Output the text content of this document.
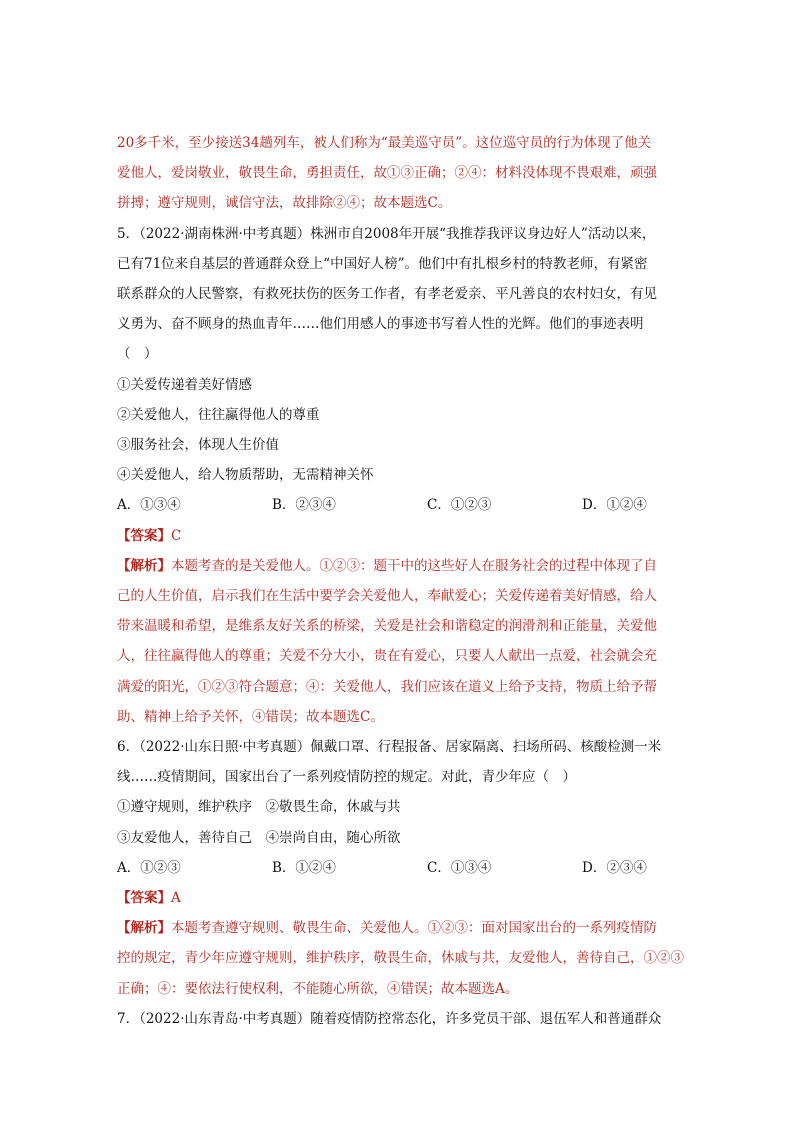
20多千米，至少接送34趟列车，被人们称为“最美巡守员”。这位巡守员的行为体现了他关
爱他人，爱岗敬业，敬畏生命，勇担责任，故①③正确；②④：材料没体现不畏艰难，顽强
拼搏；遵守规则，诚信守法，故排除②④；故本题选C。
5．（2022·湖南株洲·中考真题）株洲市自2008年开展“我推荐我评议身边好人”活动以来，
已有71位来自基层的普通群众登上“中国好人榜”。他们中有扎根乡村的特教老师，有紧密
联系群众的人民警察，有救死扶伤的医务工作者，有孝老爱亲、平凡善良的农村妇女，有见
义勇为、奋不顾身的热血青年……他们用感人的事迹书写着人性的光辉。他们的事迹表明
（　）
①关爱传递着美好情感
②关爱他人，往往赢得他人的尊重
③服务社会，体现人生价值
④关爱他人，给人物质帮助，无需精神关怀
A．①③④	B．②③④	C．①②③	D．①②④
【答案】C
【解析】本题考查的是关爱他人。①②③：题干中的这些好人在服务社会的过程中体现了自
己的人生价值，启示我们在生活中要学会关爱他人，奉献爱心；关爱传递着美好情感，给人
带来温暖和希望，是维系友好关系的桥梁，关爱是社会和谐稳定的润滑剂和正能量，关爱他
人，往往赢得他人的尊重；关爱不分大小，贵在有爱心，只要人人献出一点爱，社会就会充
满爱的阳光，①②③符合题意；④：关爱他人，我们应该在道义上给予支持，物质上给予帮
助、精神上给予关怀，④错误；故本题选C。
6．（2022·山东日照·中考真题）佩戴口罩、行程报备、居家隔离、扫场所码、核酸检测一米
线……疫情期间，国家出台了一系列疫情防控的规定。对此，青少年应（　）
①遵守规则，维护秩序　②敬畏生命，休戚与共
③友爱他人，善待自己　④崇尚自由，随心所欲
A．①②③	B．①②④	C．①③④	D．②③④
【答案】A
【解析】本题考查遵守规则、敬畏生命、关爱他人。①②③：面对国家出台的一系列疫情防
控的规定，青少年应遵守规则，维护秩序，敬畏生命，休戚与共，友爱他人，善待自己，①②③
正确；④：要依法行使权利，不能随心所欲，④错误；故本题选A。
7．（2022·山东青岛·中考真题）随着疫情防控常态化，许多党员干部、退伍军人和普通群众
